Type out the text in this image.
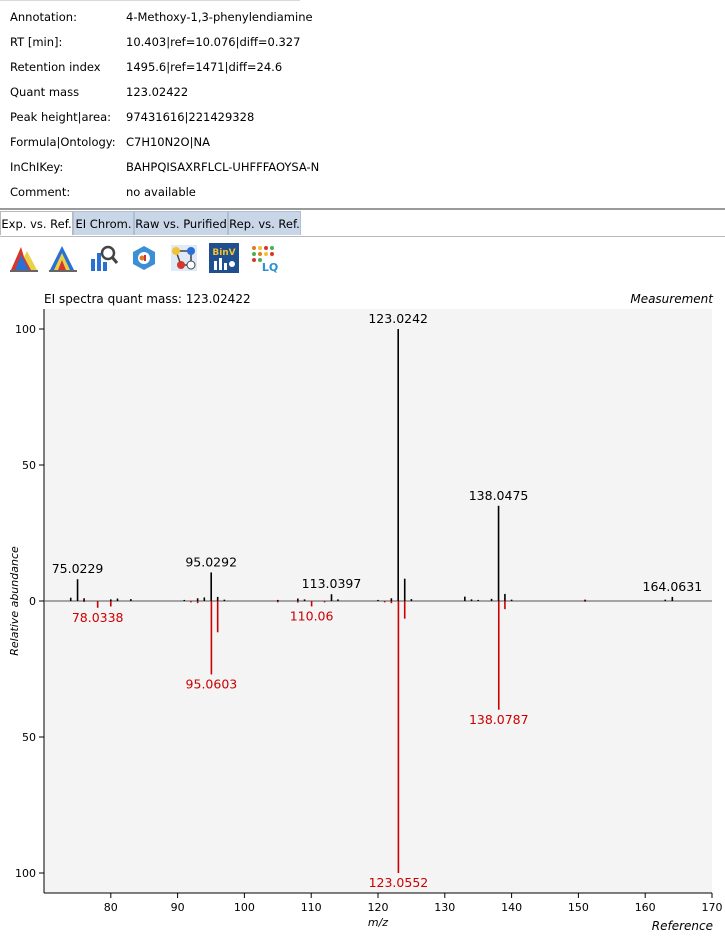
Annotation:	4-Methoxy-1,3-phenylendiamine
RT [min]:	10.403|ref=10.076|diff=0.327
Retention index 1495.6|ref=1471|diff=24.6
Quant mass	123.02422
Peak height|area: 97431616|221429328
Formula|Ontology: C7H10N2O|NA
InChIKey:	BAHPQISAXRFLCL-UHFFFAOYSA-N
Comment:	no available
Exp. vs. Ref. EI Chrom. Raw vs. Purified Rep. vs. Ref.
BinV
LQ
EI spectra quant mass: 123.02422	Measurement
Reference
m/z
Relative abundance
80	90	100	110	120	130	140	150	160	170
100
50
0
50
100
75.0229	95.0292
113.0397
123.0242
138.0475
164.0631
78.0338
95.0603
110.06
123.0552
138.0787
